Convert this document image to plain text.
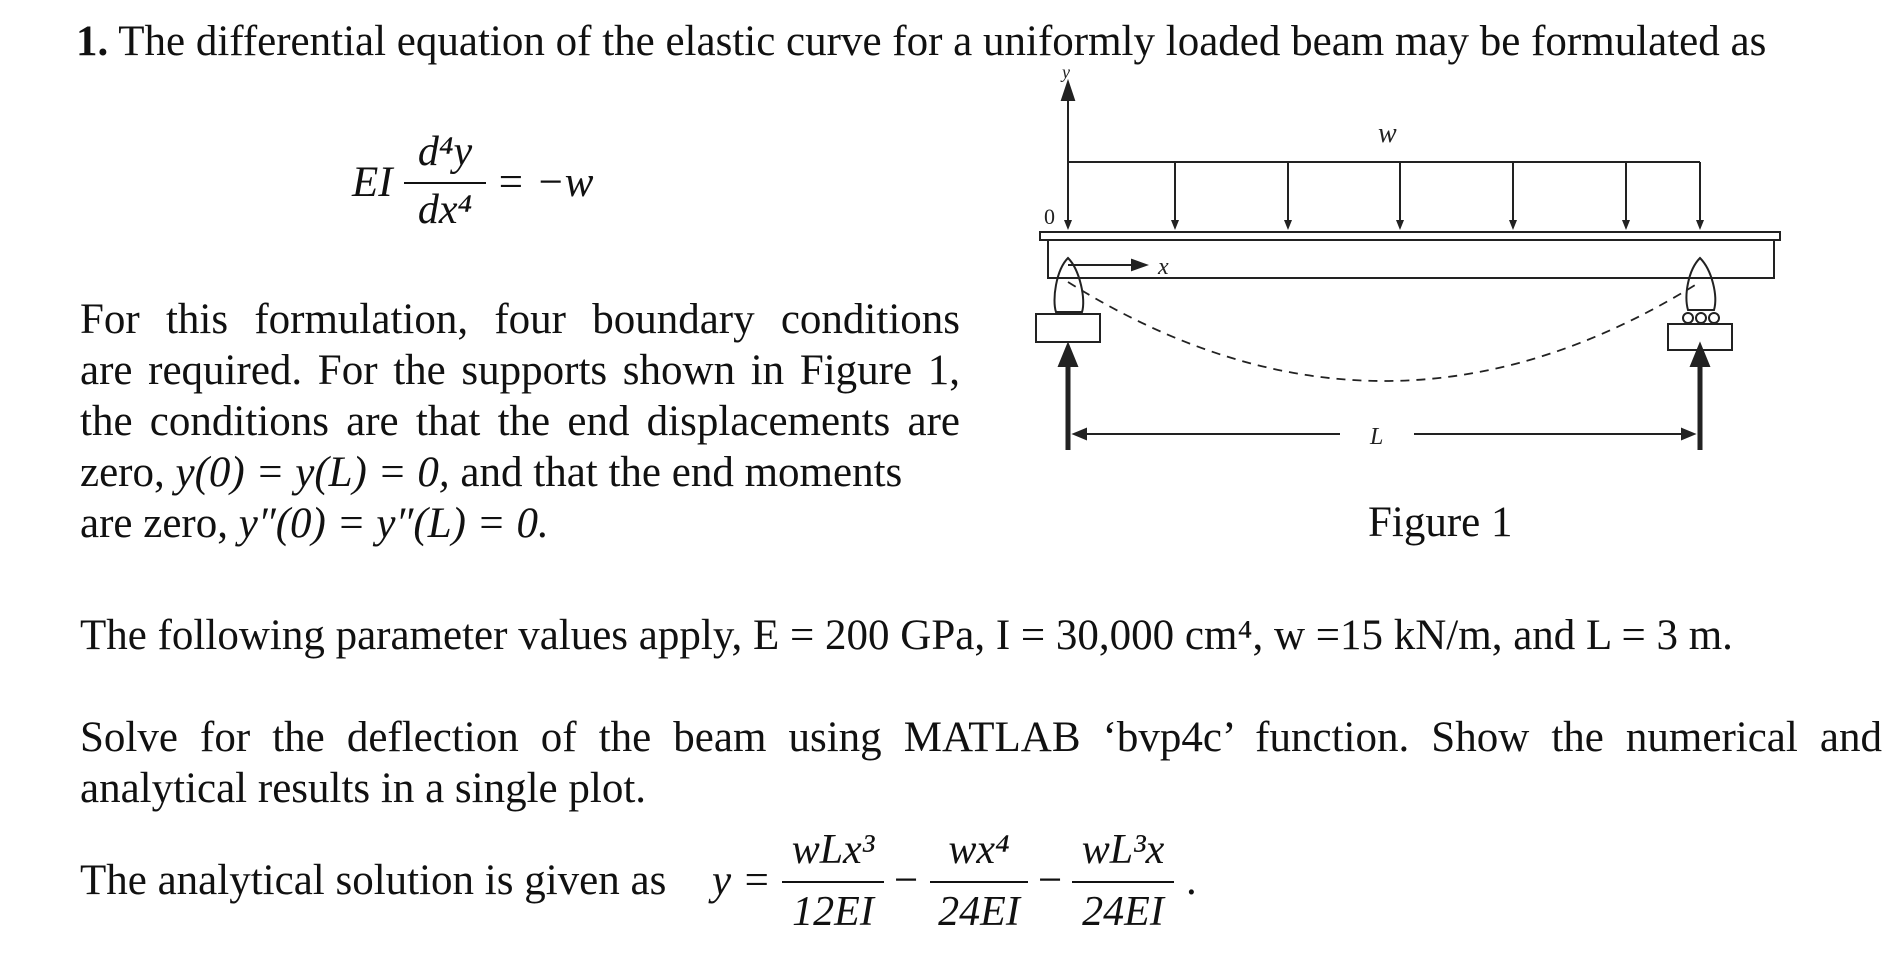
1. The differential equation of the elastic curve for a uniformly loaded beam may be formulated as
EI
d⁴y
dx⁴
= −w
For this formulation, four boundary conditions
are required. For the supports shown in Figure 1,
the conditions are that the end displacements are
zero, y(0) = y(L) = 0, and that the end moments
are zero, y″(0) = y″(L) = 0.
y
w
0
x
L
Figure 1
The following parameter values apply, E = 200 GPa, I = 30,000 cm⁴, w =15 kN/m, and L = 3 m.
Solve for the deflection of the beam using MATLAB ‘bvp4c’ function. Show the numerical and
analytical results in a single plot.
The analytical solution is given as y =
wLx³
12EI
−
wx⁴
24EI
−
wL³x
24EI
.
